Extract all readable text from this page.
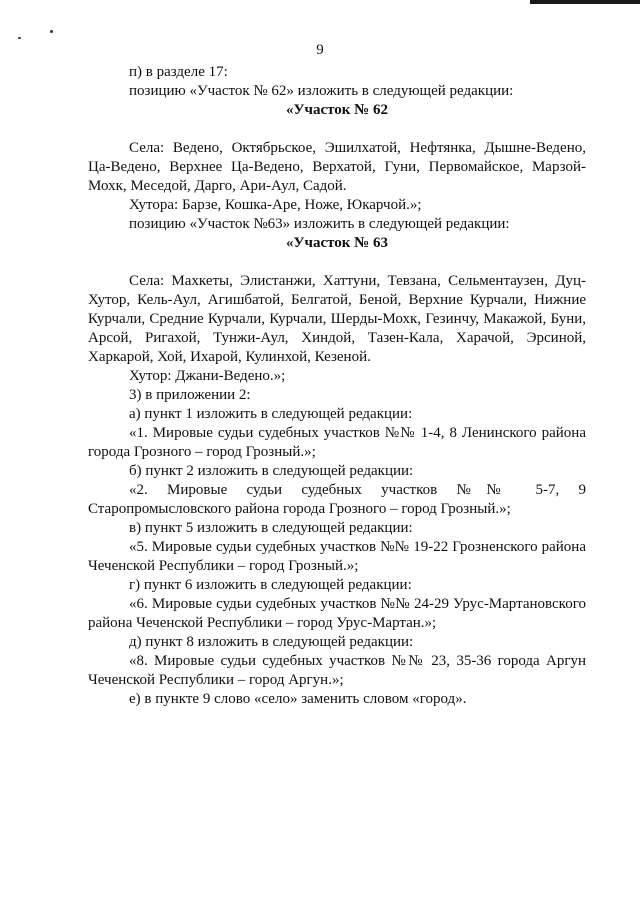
9

п) в разделе 17:

позицию «Участок № 62» изложить в следующей редакции:

«Участок № 62

Села: Ведено, Октябрьское, Эшилхатой, Нефтянка, Дышне-Ведено, Ца-Ведено, Верхнее Ца-Ведено, Верхатой, Гуни, Первомайское, Марзой-Мохк, Меседой, Дарго, Ари-Аул, Садой.

Хутора: Барзе, Кошка-Аре, Ноже, Юкарчой.»;

позицию «Участок №63» изложить в следующей редакции:

«Участок № 63

Села: Махкеты, Элистанжи, Хаттуни, Тевзана, Сельментаузен, Дуц-Хутор, Кель-Аул, Агишбатой, Белгатой, Беной, Верхние Курчали, Нижние Курчали, Средние Курчали, Курчали, Шерды-Мохк, Гезинчу, Макажой, Буни, Арсой, Ригахой, Тунжи-Аул, Хиндой, Тазен-Кала, Харачой, Эрсиной, Харкарой, Хой, Ихарой, Кулинхой, Кезеной.

Хутор: Джани-Ведено.»;

3) в приложении 2:

а) пункт 1 изложить в следующей редакции:

«1. Мировые судьи судебных участков №№ 1-4, 8 Ленинского района города Грозного – город Грозный.»;

б) пункт 2 изложить в следующей редакции:

«2. Мировые судьи судебных участков №№ 5-7, 9

Старопромысловского района города Грозного – город Грозный.»;

в) пункт 5 изложить в следующей редакции:

«5. Мировые судьи судебных участков №№ 19-22 Грозненского района Чеченской Республики – город Грозный.»;

г) пункт 6 изложить в следующей редакции:

«6. Мировые судьи судебных участков №№ 24-29 Урус-Мартановского района Чеченской Республики – город Урус-Мартан.»;

д) пункт 8 изложить в следующей редакции:

«8. Мировые судьи судебных участков №№ 23, 35-36 города Аргун Чеченской Республики – город Аргун.»;

е) в пункте 9 слово «село» заменить словом «город».
